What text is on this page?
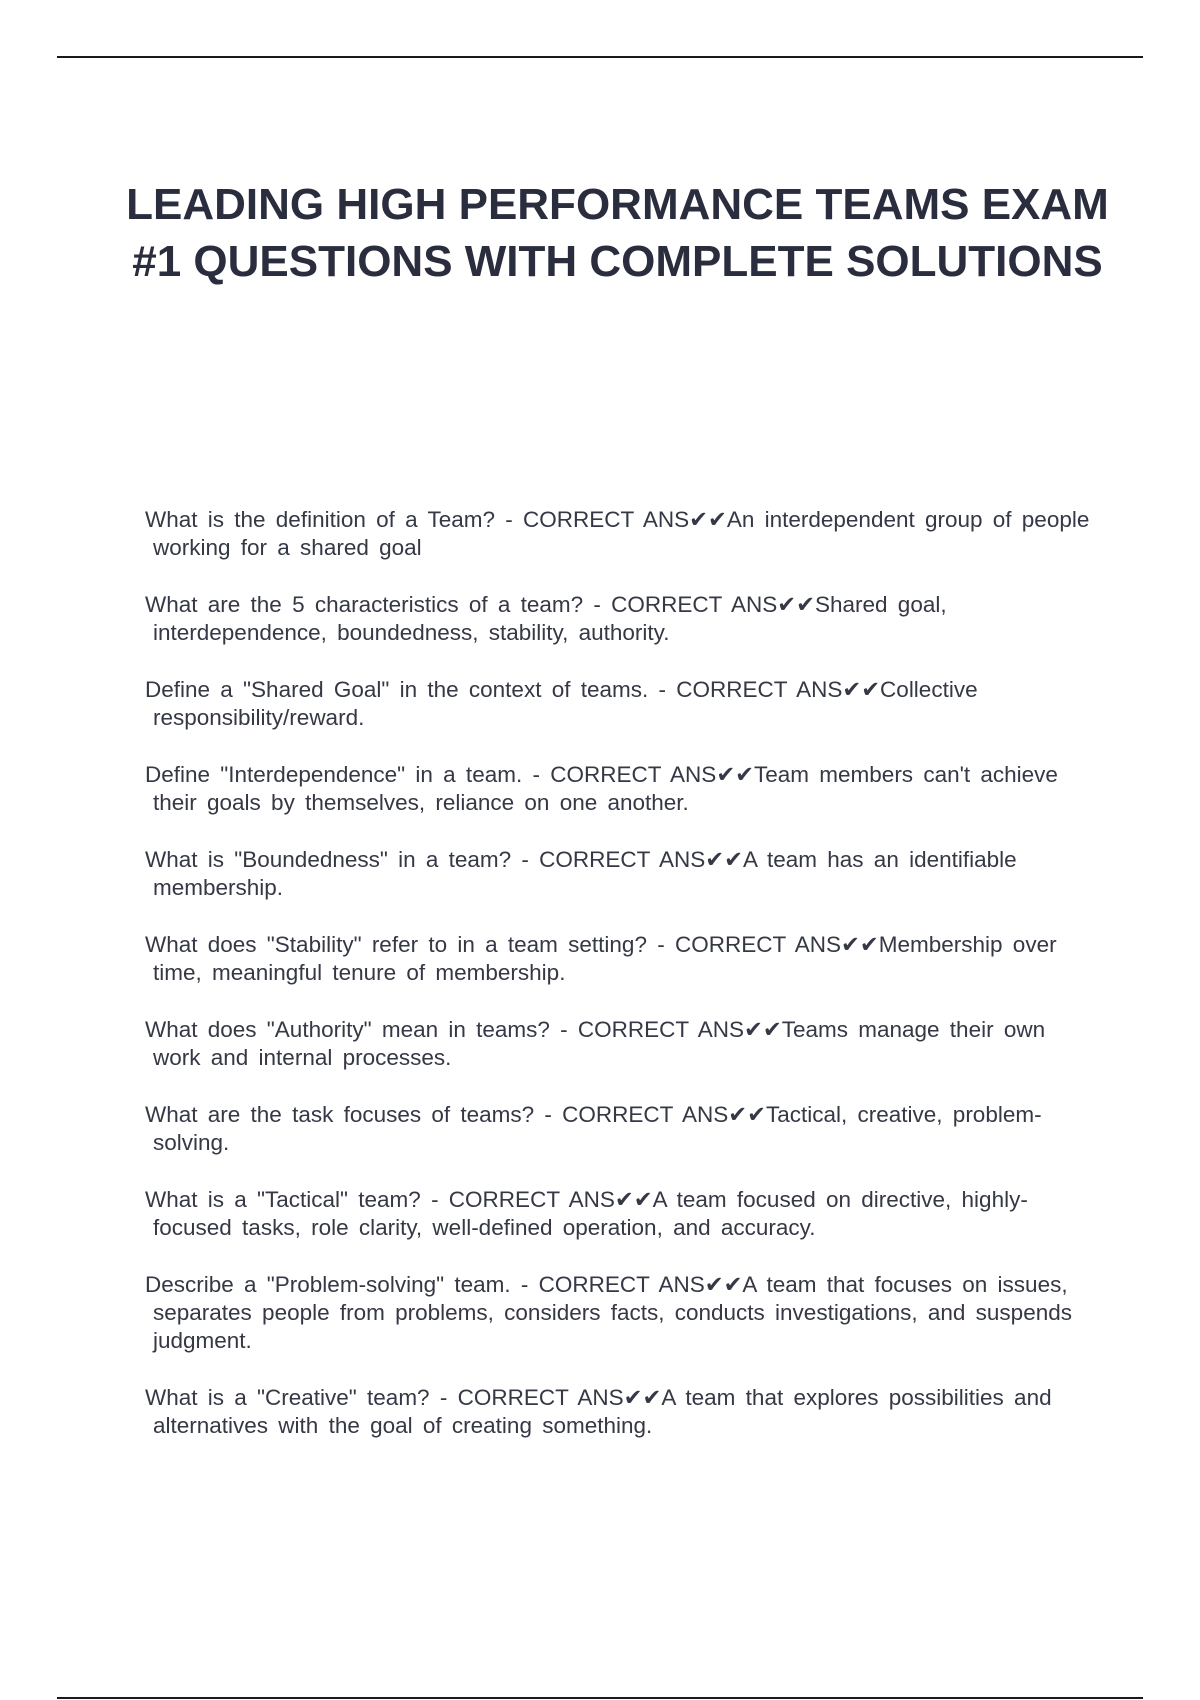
LEADING HIGH PERFORMANCE TEAMS EXAM #1 QUESTIONS WITH COMPLETE SOLUTIONS
What is the definition of a Team? - CORRECT ANS✔✔An interdependent group of people working for a shared goal
What are the 5 characteristics of a team? - CORRECT ANS✔✔Shared goal, interdependence, boundedness, stability, authority.
Define a "Shared Goal" in the context of teams. - CORRECT ANS✔✔Collective responsibility/reward.
Define "Interdependence" in a team. - CORRECT ANS✔✔Team members can't achieve their goals by themselves, reliance on one another.
What is "Boundedness" in a team? - CORRECT ANS✔✔A team has an identifiable membership.
What does "Stability" refer to in a team setting? - CORRECT ANS✔✔Membership over time, meaningful tenure of membership.
What does "Authority" mean in teams? - CORRECT ANS✔✔Teams manage their own work and internal processes.
What are the task focuses of teams? - CORRECT ANS✔✔Tactical, creative, problem-solving.
What is a "Tactical" team? - CORRECT ANS✔✔A team focused on directive, highly-focused tasks, role clarity, well-defined operation, and accuracy.
Describe a "Problem-solving" team. - CORRECT ANS✔✔A team that focuses on issues, separates people from problems, considers facts, conducts investigations, and suspends judgment.
What is a "Creative" team? - CORRECT ANS✔✔A team that explores possibilities and alternatives with the goal of creating something.
